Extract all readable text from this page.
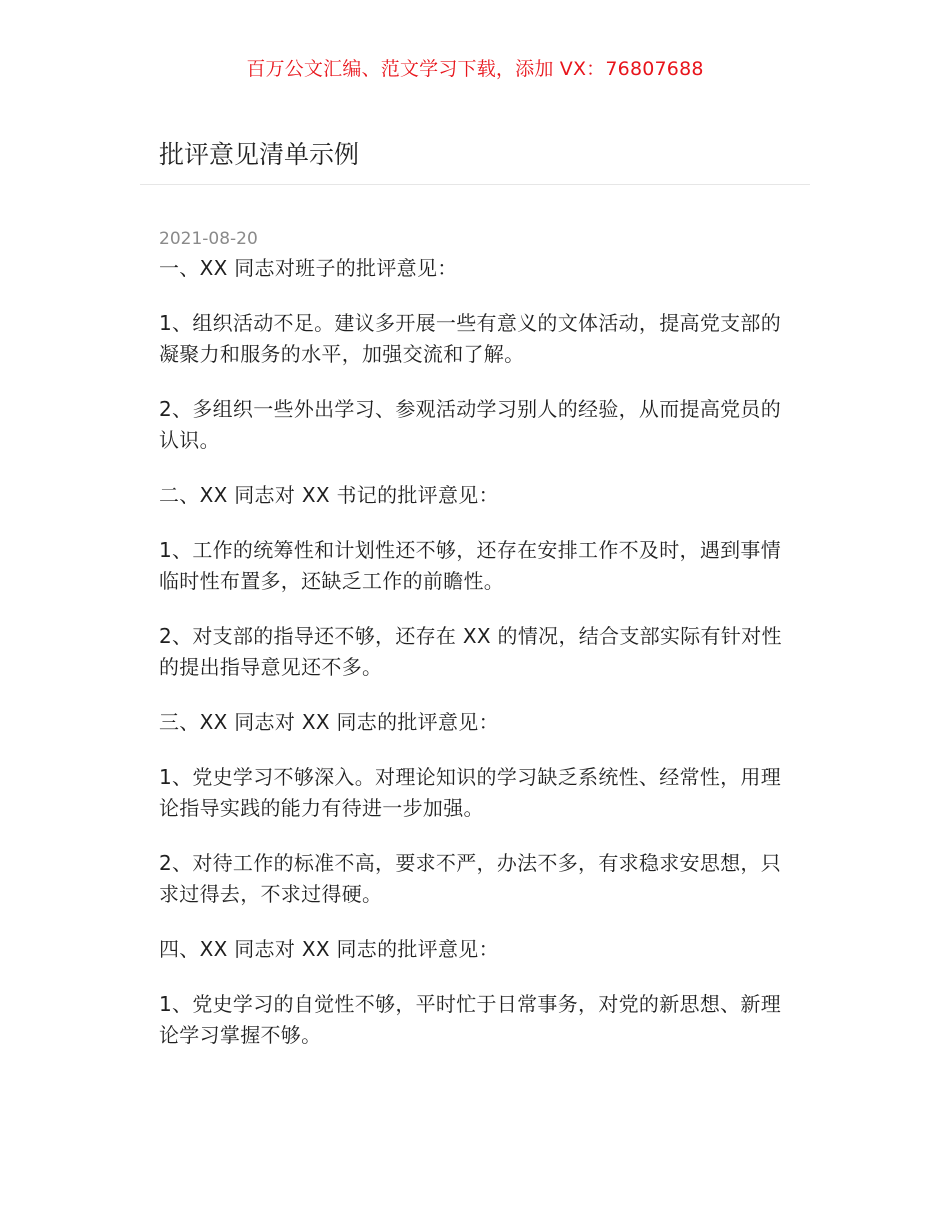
百万公文汇编、范文学习下载，添加 VX：76807688
批评意见清单示例
2021-08-20

一、XX 同志对班子的批评意见：

1、组织活动不足。建议多开展一些有意义的文体活动，提高党支部的凝聚力和服务的水平，加强交流和了解。

2、多组织一些外出学习、参观活动学习别人的经验，从而提高党员的认识。

二、XX 同志对 XX 书记的批评意见：

1、工作的统筹性和计划性还不够，还存在安排工作不及时，遇到事情临时性布置多，还缺乏工作的前瞻性。

2、对支部的指导还不够，还存在 XX 的情况，结合支部实际有针对性的提出指导意见还不多。

三、XX 同志对 XX 同志的批评意见：

1、党史学习不够深入。对理论知识的学习缺乏系统性、经常性，用理论指导实践的能力有待进一步加强。

2、对待工作的标准不高，要求不严，办法不多，有求稳求安思想，只求过得去，不求过得硬。

四、XX 同志对 XX 同志的批评意见：

1、党史学习的自觉性不够，平时忙于日常事务，对党的新思想、新理论学习掌握不够。
